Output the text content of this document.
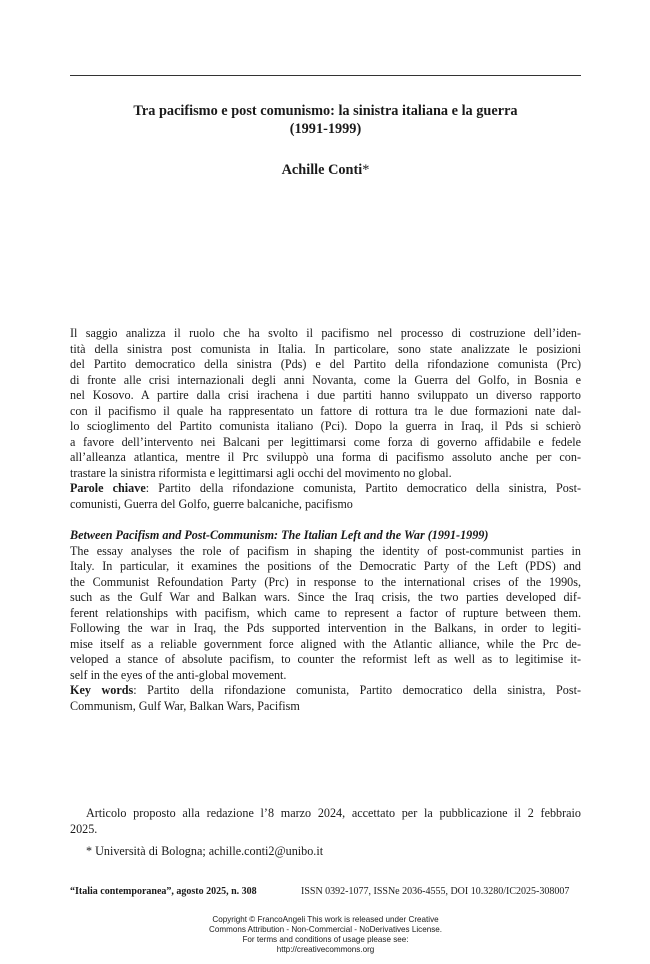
Tra pacifismo e post comunismo: la sinistra italiana e la guerra
(1991-1999)
Achille Conti*
Il saggio analizza il ruolo che ha svolto il pacifismo nel processo di costruzione dell’iden-
tità della sinistra post comunista in Italia. In particolare, sono state analizzate le posizioni
del Partito democratico della sinistra (Pds) e del Partito della rifondazione comunista (Prc)
di fronte alle crisi internazionali degli anni Novanta, come la Guerra del Golfo, in Bosnia e
nel Kosovo. A partire dalla crisi irachena i due partiti hanno sviluppato un diverso rapporto
con il pacifismo il quale ha rappresentato un fattore di rottura tra le due formazioni nate dal-
lo scioglimento del Partito comunista italiano (Pci). Dopo la guerra in Iraq, il Pds si schierò
a favore dell’intervento nei Balcani per legittimarsi come forza di governo affidabile e fedele
all’alleanza atlantica, mentre il Prc sviluppò una forma di pacifismo assoluto anche per con-
trastare la sinistra riformista e legittimarsi agli occhi del movimento no global.
Parole chiave: Partito della rifondazione comunista, Partito democratico della sinistra, Post-
comunisti, Guerra del Golfo, guerre balcaniche, pacifismo
Between Pacifism and Post-Communism: The Italian Left and the War (1991-1999)
The essay analyses the role of pacifism in shaping the identity of post-communist parties in
Italy. In particular, it examines the positions of the Democratic Party of the Left (PDS) and
the Communist Refoundation Party (Prc) in response to the international crises of the 1990s,
such as the Gulf War and Balkan wars. Since the Iraq crisis, the two parties developed dif-
ferent relationships with pacifism, which came to represent a factor of rupture between them.
Following the war in Iraq, the Pds supported intervention in the Balkans, in order to legiti-
mise itself as a reliable government force aligned with the Atlantic alliance, while the Prc de-
veloped a stance of absolute pacifism, to counter the reformist left as well as to legitimise it-
self in the eyes of the anti-global movement.
Key words: Partito della rifondazione comunista, Partito democratico della sinistra, Post-
Communism, Gulf War, Balkan Wars, Pacifism
Articolo proposto alla redazione l’8 marzo 2024, accettato per la pubblicazione il 2 febbraio
2025.
* Università di Bologna; achille.conti2@unibo.it
“Italia contemporanea”, agosto 2025, n. 308	ISSN 0392-1077, ISSNe 2036-4555, DOI 10.3280/IC2025-308007
Copyright © FrancoAngeli This work is released under Creative
Commons Attribution - Non-Commercial - NoDerivatives License.
For terms and conditions of usage please see:
http://creativecommons.org
